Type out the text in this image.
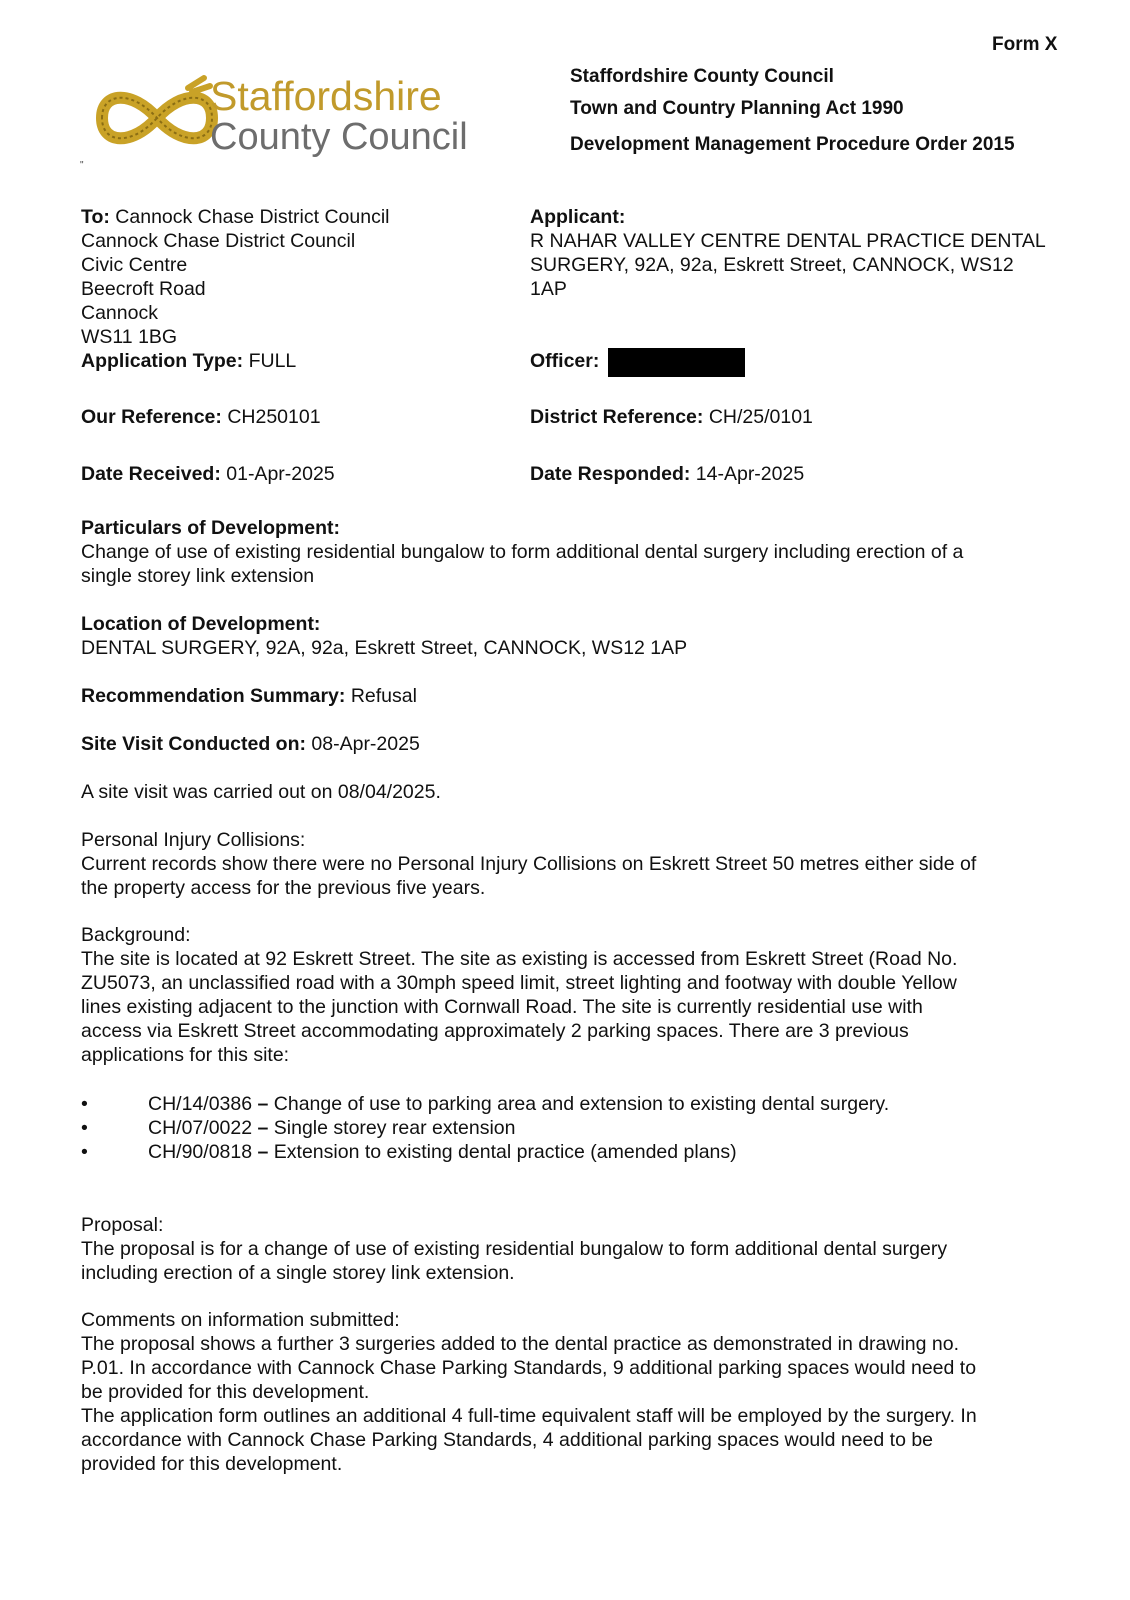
Form X
Staffordshire
County Council
"
Staffordshire County Council
Town and Country Planning Act 1990
Development Management Procedure Order 2015
To: Cannock Chase District Council
Cannock Chase District Council
Civic Centre
Beecroft Road
Cannock
WS11 1BG
Application Type: FULL
Applicant:
R NAHAR VALLEY CENTRE DENTAL PRACTICE DENTAL
SURGERY, 92A, 92a, Eskrett Street, CANNOCK, WS12
1AP
Officer:
Our Reference: CH250101	District Reference: CH/25/0101
Date Received: 01-Apr-2025	Date Responded: 14-Apr-2025
Particulars of Development:
Change of use of existing residential bungalow to form additional dental surgery including erection of a
single storey link extension
Location of Development:
DENTAL SURGERY, 92A, 92a, Eskrett Street, CANNOCK, WS12 1AP
Recommendation Summary: Refusal
Site Visit Conducted on: 08-Apr-2025
A site visit was carried out on 08/04/2025.
Personal Injury Collisions:
Current records show there were no Personal Injury Collisions on Eskrett Street 50 metres either side of
the property access for the previous five years.
Background:
The site is located at 92 Eskrett Street. The site as existing is accessed from Eskrett Street (Road No.
ZU5073, an unclassified road with a 30mph speed limit, street lighting and footway with double Yellow
lines existing adjacent to the junction with Cornwall Road. The site is currently residential use with
access via Eskrett Street accommodating approximately 2 parking spaces. There are 3 previous
applications for this site:
•	CH/14/0386 – Change of use to parking area and extension to existing dental surgery.
•	CH/07/0022 – Single storey rear extension
•	CH/90/0818 – Extension to existing dental practice (amended plans)
Proposal:
The proposal is for a change of use of existing residential bungalow to form additional dental surgery
including erection of a single storey link extension.
Comments on information submitted:
The proposal shows a further 3 surgeries added to the dental practice as demonstrated in drawing no.
P.01. In accordance with Cannock Chase Parking Standards, 9 additional parking spaces would need to
be provided for this development.
The application form outlines an additional 4 full-time equivalent staff will be employed by the surgery. In
accordance with Cannock Chase Parking Standards, 4 additional parking spaces would need to be
provided for this development.
